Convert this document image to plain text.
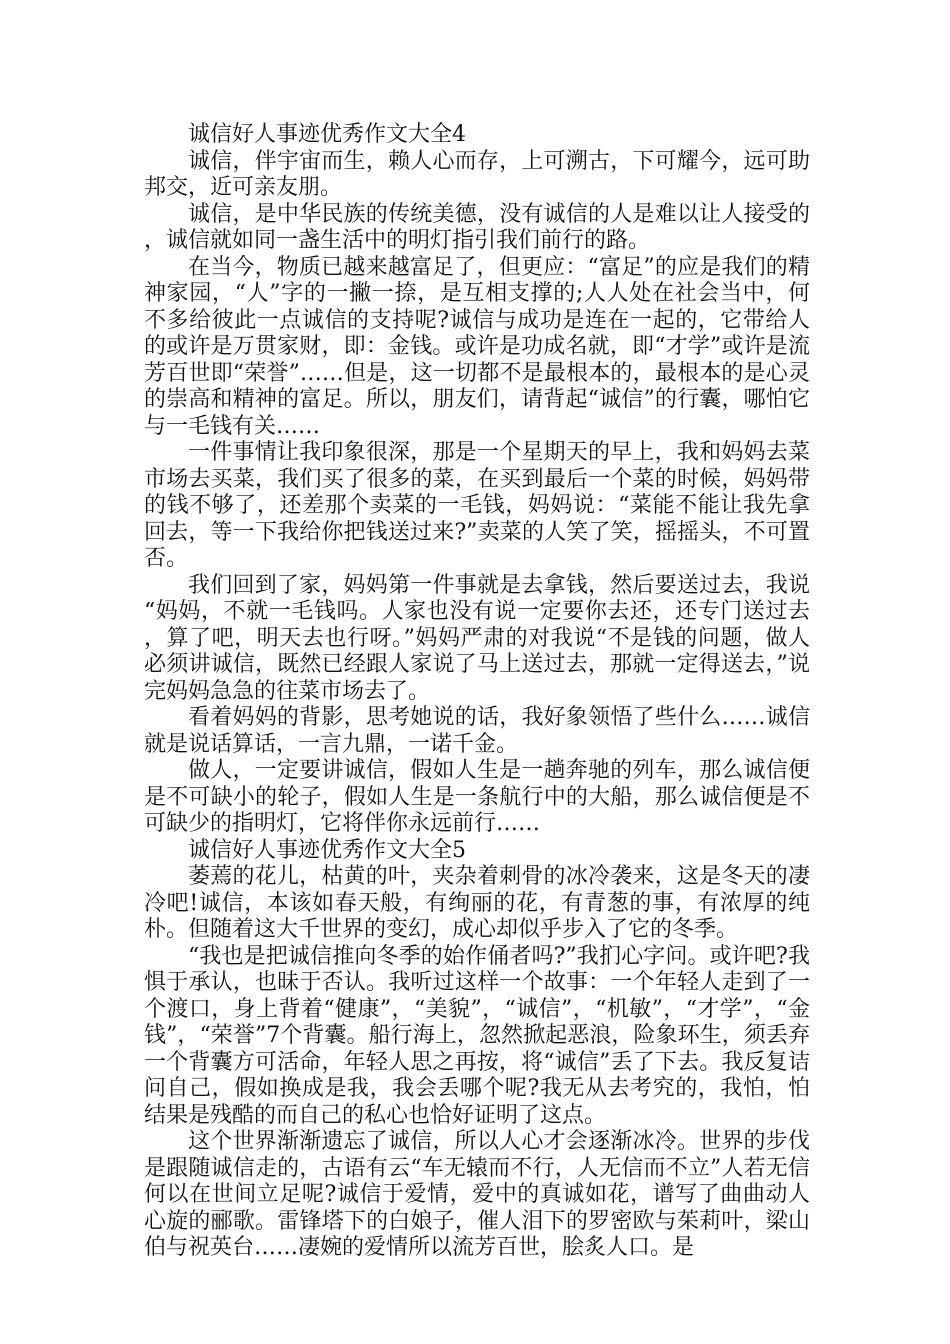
诚信好人事迹优秀作文大全4

诚信，伴宇宙而生，赖人心而存，上可溯古，下可耀今，远可助邦交，近可亲友朋。

诚信，是中华民族的传统美德，没有诚信的人是难以让人接受的，诚信就如同一盏生活中的明灯指引我们前行的路。

在当今，物质已越来越富足了，但更应：“富足”的应是我们的精神家园，“人”字的一撇一捺，是互相支撑的;人人处在社会当中，何不多给彼此一点诚信的支持呢?诚信与成功是连在一起的，它带给人的或许是万贯家财，即：金钱。或许是功成名就，即“才学”或许是流芳百世即“荣誉”……但是，这一切都不是最根本的，最根本的是心灵的崇高和精神的富足。所以，朋友们，请背起“诚信”的行囊，哪怕它与一毛钱有关……

一件事情让我印象很深，那是一个星期天的早上，我和妈妈去菜市场去买菜，我们买了很多的菜，在买到最后一个菜的时候，妈妈带的钱不够了，还差那个卖菜的一毛钱，妈妈说：“菜能不能让我先拿回去，等一下我给你把钱送过来?”卖菜的人笑了笑，摇摇头，不可置否。

我们回到了家，妈妈第一件事就是去拿钱，然后要送过去，我说“妈妈，不就一毛钱吗。人家也没有说一定要你去还，还专门送过去，算了吧，明天去也行呀。”妈妈严肃的对我说“不是钱的问题，做人必须讲诚信，既然已经跟人家说了马上送过去，那就一定得送去，”说完妈妈急急的往菜市场去了。

看着妈妈的背影，思考她说的话，我好象领悟了些什么……诚信就是说话算话，一言九鼎，一诺千金。

做人，一定要讲诚信，假如人生是一趟奔驰的列车，那么诚信便是不可缺小的轮子，假如人生是一条航行中的大船，那么诚信便是不可缺少的指明灯，它将伴你永远前行……

诚信好人事迹优秀作文大全5

萎蔫的花儿，枯黄的叶，夹杂着刺骨的冰冷袭来，这是冬天的凄冷吧!诚信，本该如春天般，有绚丽的花，有青葱的事，有浓厚的纯朴。但随着这大千世界的变幻，成心却似乎步入了它的冬季。

“我也是把诚信推向冬季的始作俑者吗?”我扪心字问。或许吧?我惧于承认，也昧于否认。我听过这样一个故事：一个年轻人走到了一个渡口，身上背着“健康”，“美貌”，“诚信”，“机敏”，“才学”，“金钱”，“荣誉”7个背囊。船行海上，忽然掀起恶浪，险象环生，须丢弃一个背囊方可活命，年轻人思之再按，将“诚信”丢了下去。我反复诘问自己，假如换成是我，我会丢哪个呢?我无从去考究的，我怕，怕结果是残酷的而自己的私心也恰好证明了这点。

这个世界渐渐遗忘了诚信，所以人心才会逐渐冰冷。世界的步伐是跟随诚信走的，古语有云“车无辕而不行，人无信而不立”人若无信何以在世间立足呢?诚信于爱情，爱中的真诚如花，谱写了曲曲动人心旋的郦歌。雷锋塔下的白娘子，催人泪下的罗密欧与茱莉叶，梁山伯与祝英台……凄婉的爱情所以流芳百世，脍炙人口。是
